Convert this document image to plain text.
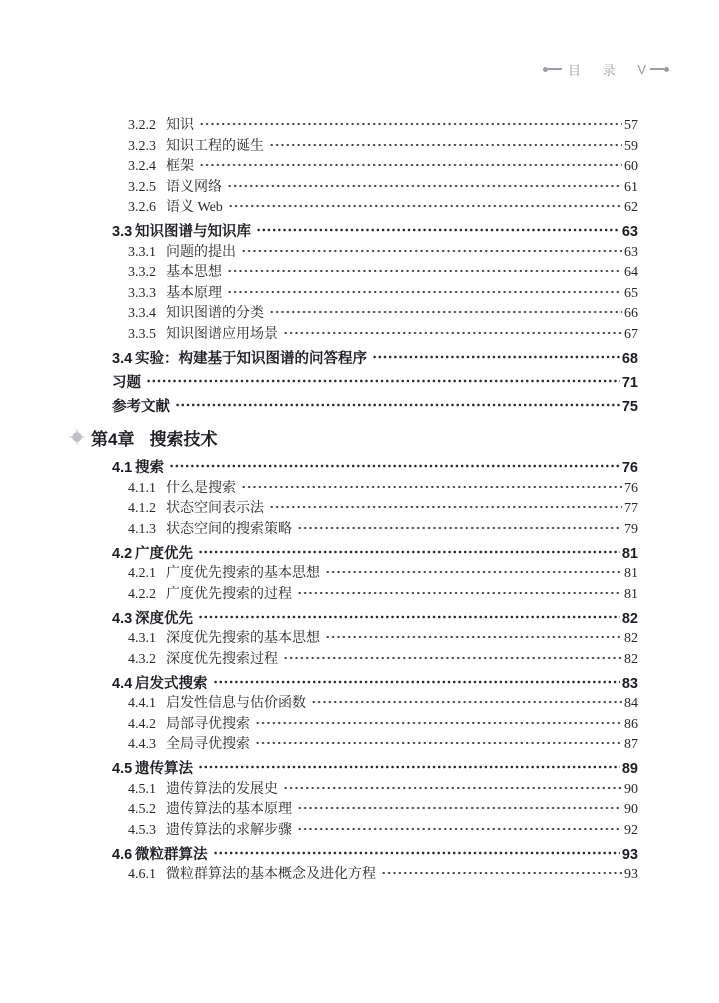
目 录 V
3.2.2 知识	57
3.2.3 知识工程的诞生	59
3.2.4 框架	60
3.2.5 语义网络	61
3.2.6 语义 Web	62
3.3 知识图谱与知识库	63
3.3.1 问题的提出	63
3.3.2 基本思想	64
3.3.3 基本原理	65
3.3.4 知识图谱的分类	66
3.3.5 知识图谱应用场景	67
3.4 实验：构建基于知识图谱的问答程序	68
习题	71
参考文献	75
第4章 搜索技术
4.1 搜索	76
4.1.1 什么是搜索	76
4.1.2 状态空间表示法	77
4.1.3 状态空间的搜索策略	79
4.2 广度优先	81
4.2.1 广度优先搜索的基本思想	81
4.2.2 广度优先搜索的过程	81
4.3 深度优先	82
4.3.1 深度优先搜索的基本思想	82
4.3.2 深度优先搜索过程	82
4.4 启发式搜索	83
4.4.1 启发性信息与估价函数	84
4.4.2 局部寻优搜索	86
4.4.3 全局寻优搜索	87
4.5 遗传算法	89
4.5.1 遗传算法的发展史	90
4.5.2 遗传算法的基本原理	90
4.5.3 遗传算法的求解步骤	92
4.6 微粒群算法	93
4.6.1 微粒群算法的基本概念及进化方程	93
